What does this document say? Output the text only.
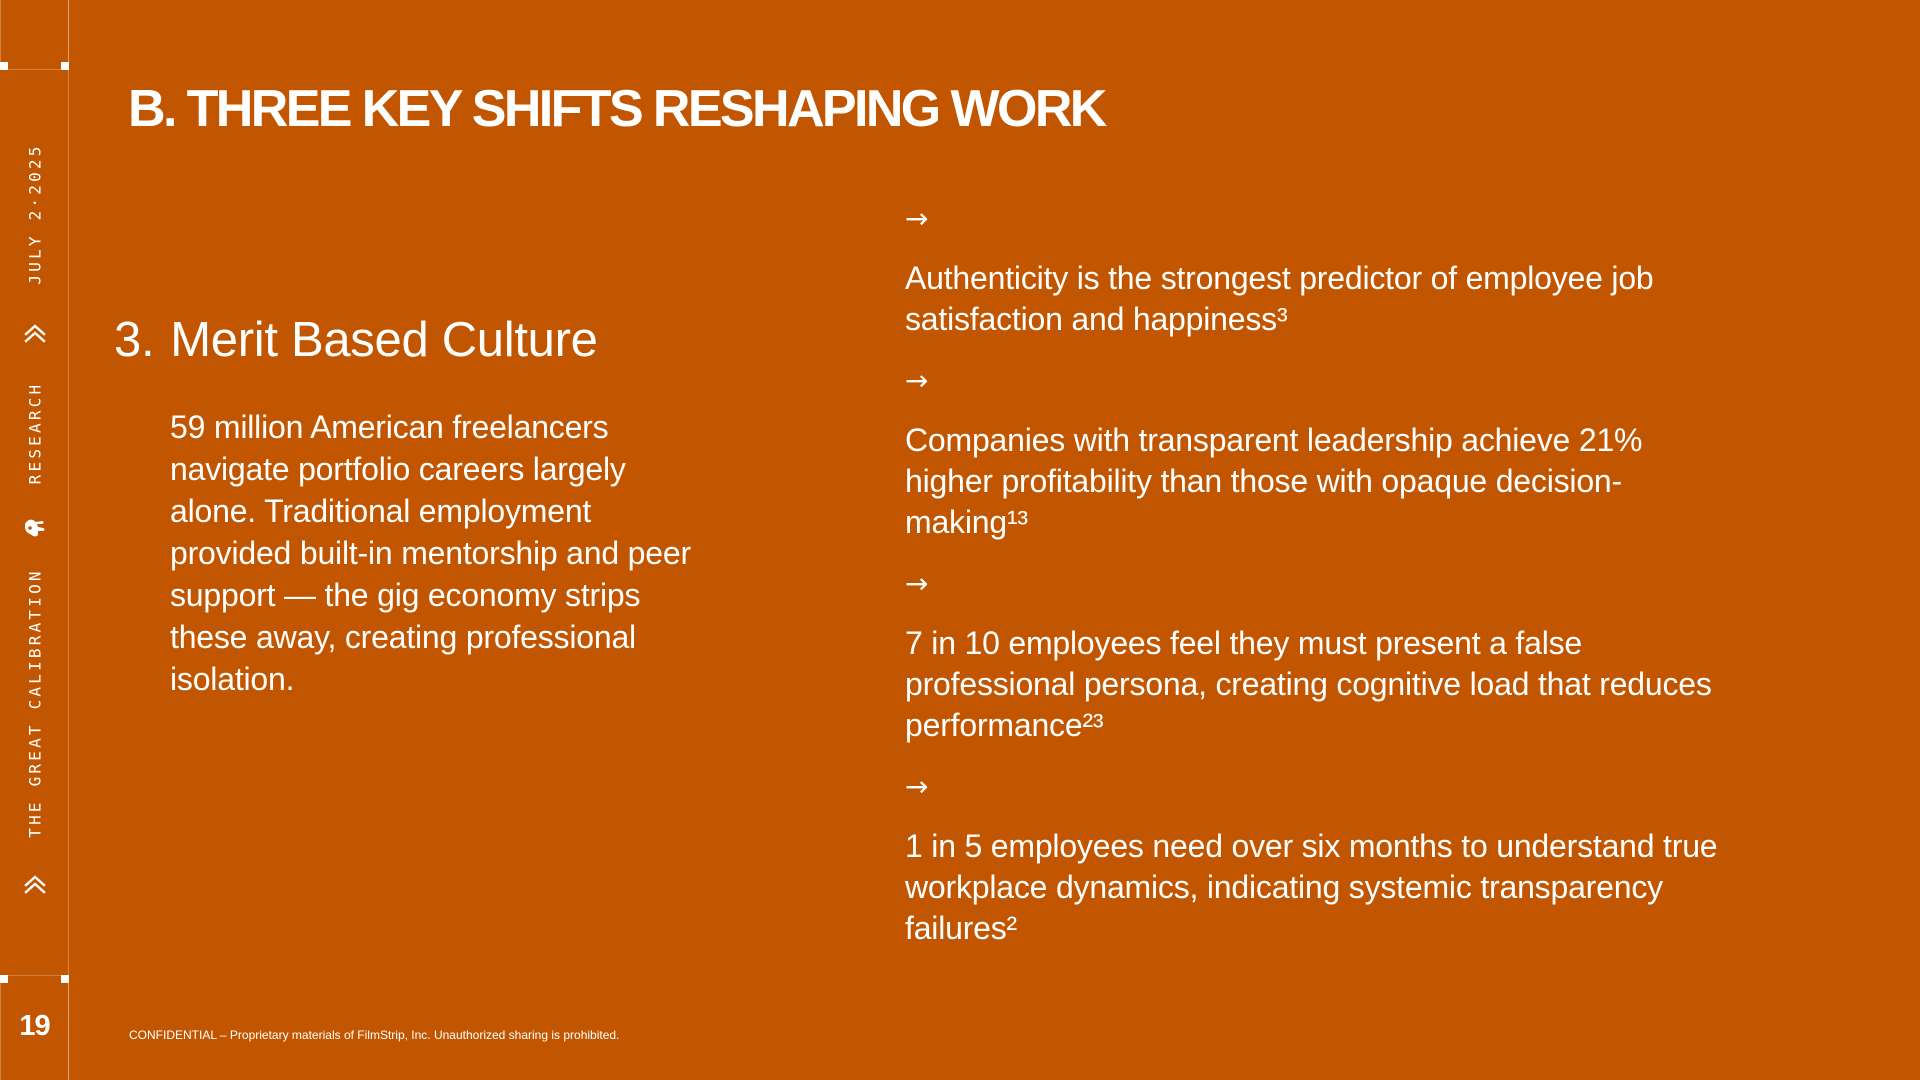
JULY 2·2025
RESEARCH
THE GREAT CALIBRATION
19
B. THREE KEY SHIFTS RESHAPING WORK
3. Merit Based Culture

59 million American freelancers navigate portfolio careers largely alone. Traditional employment provided built-in mentorship and peer support — the gig economy strips these away, creating professional isolation.

→
Authenticity is the strongest predictor of employee job satisfaction and happiness³
→
Companies with transparent leadership achieve 21% higher profitability than those with opaque decision-making¹³
→
7 in 10 employees feel they must present a false professional persona, creating cognitive load that reduces performance²³
→
1 in 5 employees need over six months to understand true workplace dynamics, indicating systemic transparency failures²
CONFIDENTIAL – Proprietary materials of FilmStrip, Inc. Unauthorized sharing is prohibited.
